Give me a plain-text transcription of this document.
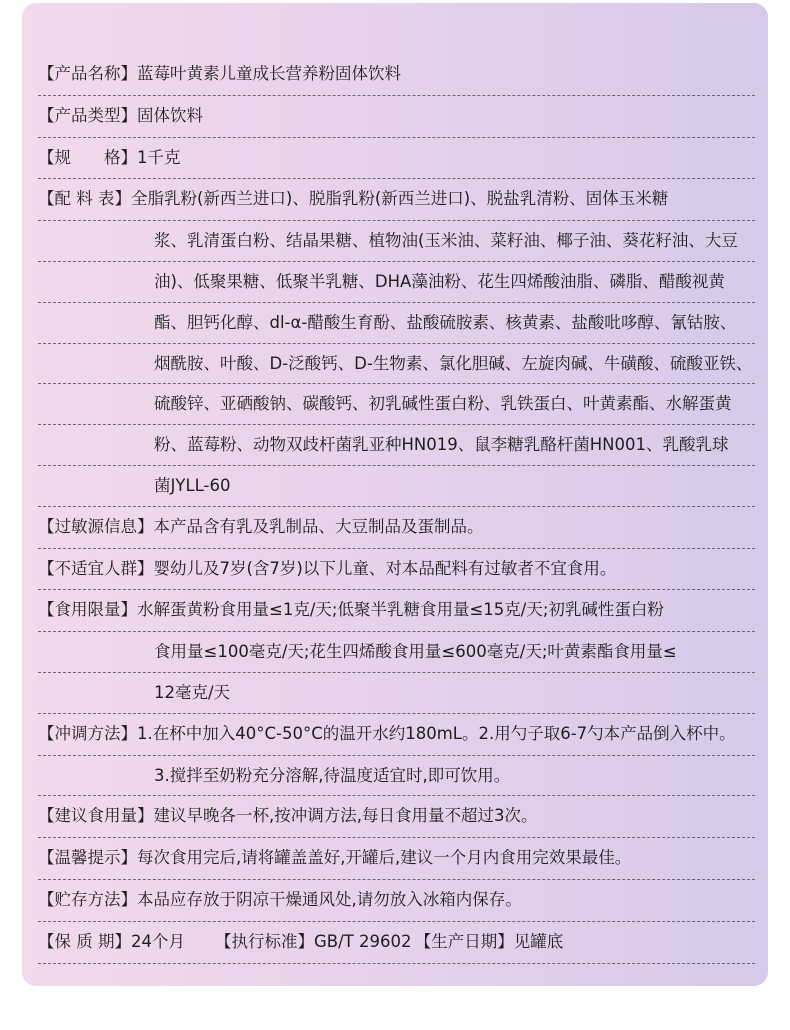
【产品名称】蓝莓叶黄素儿童成长营养粉固体饮料
【产品类型】固体饮料
【规　　格】1千克
【配 料 表】全脂乳粉(新西兰进口)、脱脂乳粉(新西兰进口)、脱盐乳清粉、固体玉米糖
浆、乳清蛋白粉、结晶果糖、植物油(玉米油、菜籽油、椰子油、葵花籽油、大豆
油)、低聚果糖、低聚半乳糖、DHA藻油粉、花生四烯酸油脂、磷脂、醋酸视黄
酯、胆钙化醇、dl-α-醋酸生育酚、盐酸硫胺素、核黄素、盐酸吡哆醇、氰钴胺、
烟酰胺、叶酸、D-泛酸钙、D-生物素、氯化胆碱、左旋肉碱、牛磺酸、硫酸亚铁、
硫酸锌、亚硒酸钠、碳酸钙、初乳碱性蛋白粉、乳铁蛋白、叶黄素酯、水解蛋黄
粉、蓝莓粉、动物双歧杆菌乳亚种HN019、鼠李糖乳酪杆菌HN001、乳酸乳球
菌JYLL-60
【过敏源信息】本产品含有乳及乳制品、大豆制品及蛋制品。
【不适宜人群】婴幼儿及7岁(含7岁)以下儿童、对本品配料有过敏者不宜食用。
【食用限量】水解蛋黄粉食用量≤1克/天;低聚半乳糖食用量≤15克/天;初乳碱性蛋白粉
食用量≤100毫克/天;花生四烯酸食用量≤600毫克/天;叶黄素酯食用量≤
12毫克/天
【冲调方法】1.在杯中加入40°C-50°C的温开水约180mL。2.用勺子取6-7勺本产品倒入杯中。
3.搅拌至奶粉充分溶解,待温度适宜时,即可饮用。
【建议食用量】建议早晚各一杯,按冲调方法,每日食用量不超过3次。
【温馨提示】每次食用完后,请将罐盖盖好,开罐后,建议一个月内食用完效果最佳。
【贮存方法】本品应存放于阴凉干燥通风处,请勿放入冰箱内保存。
【保 质 期】24个月 【执行标准】GB/T 29602  【生产日期】见罐底
